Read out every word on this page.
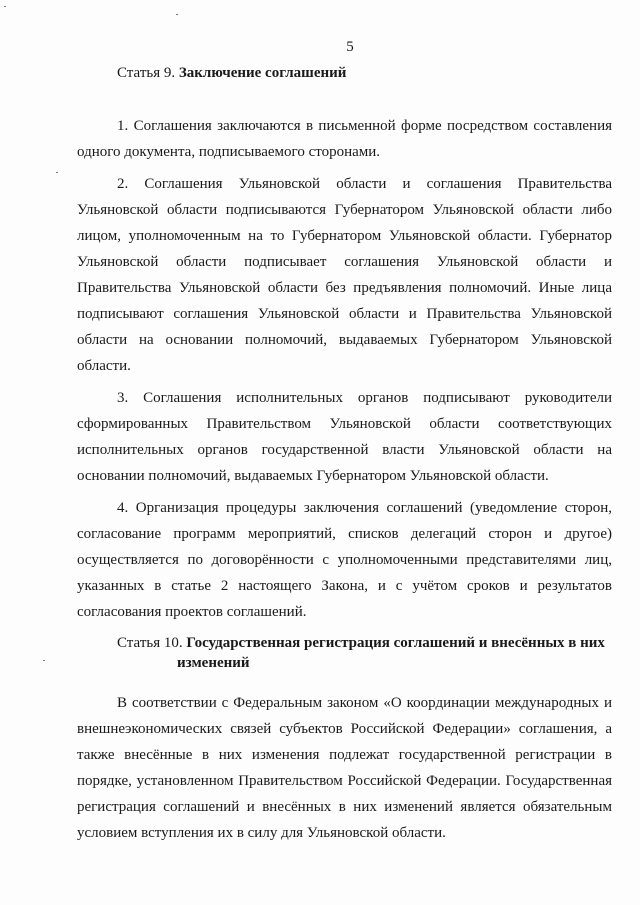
5
Статья 9. Заключение соглашений

1. Соглашения заключаются в письменной форме посредством составления одного документа, подписываемого сторонами.

2. Соглашения Ульяновской области и соглашения Правительства Ульяновской области подписываются Губернатором Ульяновской области либо лицом, уполномоченным на то Губернатором Ульяновской области. Губернатор Ульяновской области подписывает соглашения Ульяновской области и Правительства Ульяновской области без предъявления полномочий. Иные лица подписывают соглашения Ульяновской области и Правительства Ульяновской области на основании полномочий, выдаваемых Губернатором Ульяновской области.

3. Соглашения исполнительных органов подписывают руководители сформированных Правительством Ульяновской области соответствующих исполнительных органов государственной власти Ульяновской области на основании полномочий, выдаваемых Губернатором Ульяновской области.

4. Организация процедуры заключения соглашений (уведомление сторон, согласование программ мероприятий, списков делегаций сторон и другое) осуществляется по договорённости с уполномоченными представителями лиц, указанных в статье 2 настоящего Закона, и с учётом сроков и результатов согласования проектов соглашений.

Статья 10. Государственная регистрация соглашений и внесённых в них
изменений

В соответствии с Федеральным законом «О координации международных и внешнеэкономических связей субъектов Российской Федерации» соглашения, а также внесённые в них изменения подлежат государственной регистрации в порядке, установленном Правительством Российской Федерации. Государственная регистрация соглашений и внесённых в них изменений является обязательным условием вступления их в силу для Ульяновской области.
